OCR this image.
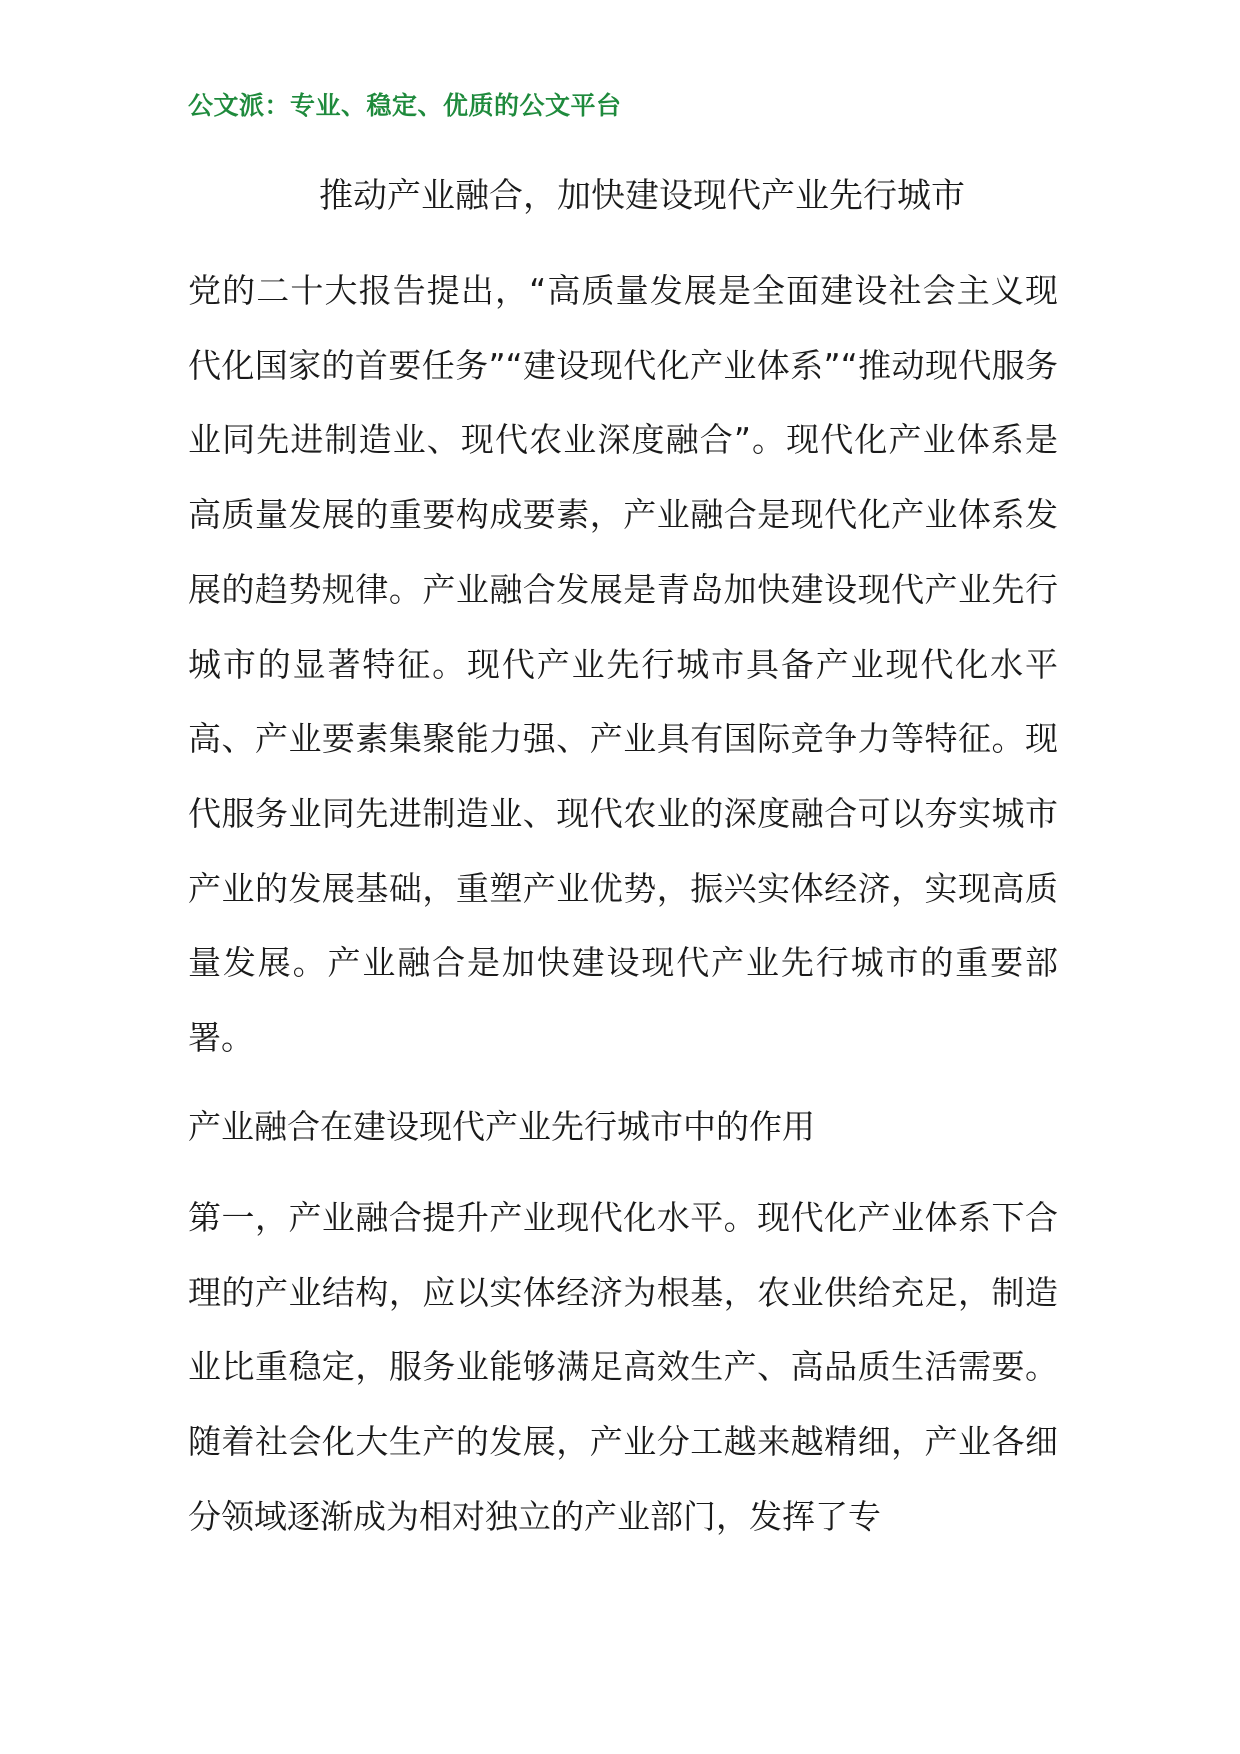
公文派：专业、稳定、优质的公文平台
推动产业融合，加快建设现代产业先行城市

党的二十大报告提出，“高质量发展是全面建设社会主义现代化国家的首要任务”“建设现代化产业体系”“推动现代服务业同先进制造业、现代农业深度融合”。现代化产业体系是高质量发展的重要构成要素，产业融合是现代化产业体系发展的趋势规律。产业融合发展是青岛加快建设现代产业先行城市的显著特征。现代产业先行城市具备产业现代化水平高、产业要素集聚能力强、产业具有国际竞争力等特征。现代服务业同先进制造业、现代农业的深度融合可以夯实城市产业的发展基础，重塑产业优势，振兴实体经济，实现高质量发展。产业融合是加快建设现代产业先行城市的重要部署。

产业融合在建设现代产业先行城市中的作用

第一，产业融合提升产业现代化水平。现代化产业体系下合理的产业结构，应以实体经济为根基，农业供给充足，制造业比重稳定，服务业能够满足高效生产、高品质生活需要。随着社会化大生产的发展，产业分工越来越精细，产业各细分领域逐渐成为相对独立的产业部门，发挥了专
